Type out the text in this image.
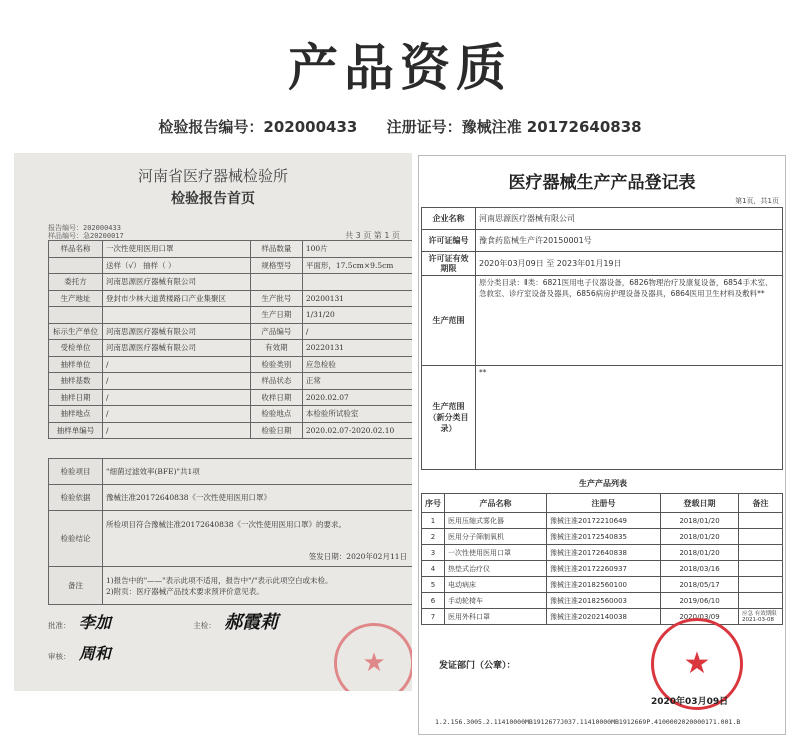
产品资质
检验报告编号：202000433 注册证号：豫械注准 20172640838
河南省医疗器械检验所
检验报告首页
报告编号：202000433
样品编号：急20200017	共 3 页 第 1 页
样品名称	一次性使用医用口罩	样品数量	100片
	送样（√） 抽样（ ）	规格型号	平面形，17.5cm×9.5cm
委托方	河南思源医疗器械有限公司		
生产地址	登封市少林大道黄楼路口产业集聚区	生产批号	20200131
		生产日期	1/31/20
标示生产单位	河南思源医疗器械有限公司	产品编号	/
受检单位	河南思源医疗器械有限公司	有效期	20220131
抽样单位	/	检验类别	应急检验
抽样基数	/	样品状态	正常
抽样日期	/	收样日期	2020.02.07
抽样地点	/	检验地点	本检验所试验室
抽样单编号	/	检验日期	2020.02.07-2020.02.10
检验项目	"细菌过滤效率(BFE)"共1项
检验依据	豫械注准20172640838《一次性使用医用口罩》
检验结论	所检项目符合豫械注准20172640838《一次性使用医用口罩》的要求。
签发日期：2020年02月11日

备注	1)报告中的"——"表示此项不适用，报告中"/"表示此项空白或未检。
2)附页：医疗器械产品技术要求预评价意见表。
批准： 李加	主检： 郝霞莉
审核： 周和	★
医疗器械生产产品登记表
第1页，共1页
企业名称	河南思源医疗器械有限公司
许可证编号	豫食药监械生产许20150001号
许可证有效期限	2020年03月09日 至 2023年01月19日
生产范围	原分类目录：Ⅱ类：6821医用电子仪器设备，6826物理治疗及康复设备，6854手术室、急救室、诊疗室设备及器具，6856病房护理设备及器具，6864医用卫生材料及敷料**
生产范围（新分类目录）	**
生产产品列表
序号	产品名称	注册号	登载日期	备注
1	医用压缩式雾化器	豫械注准20172210649	2018/01/20	
2	医用分子筛制氧机	豫械注准20172540835	2018/01/20	
3	一次性使用医用口罩	豫械注准20172640838	2018/01/20	
4	热垫式治疗仪	豫械注准20172260937	2018/03/16	
5	电动病床	豫械注准20182560100	2018/05/17	
6	手动轮椅车	豫械注准20182560003	2019/06/10	
7	医用外科口罩	豫械注准20202140038	2020/03/09	应急 有效期限 2021-03-08
发证部门（公章）：	★
2020年03月09日
1.2.156.3005.2.11410000MB1912677J037.11410000MB1912669P.4100002020000171.001.B
